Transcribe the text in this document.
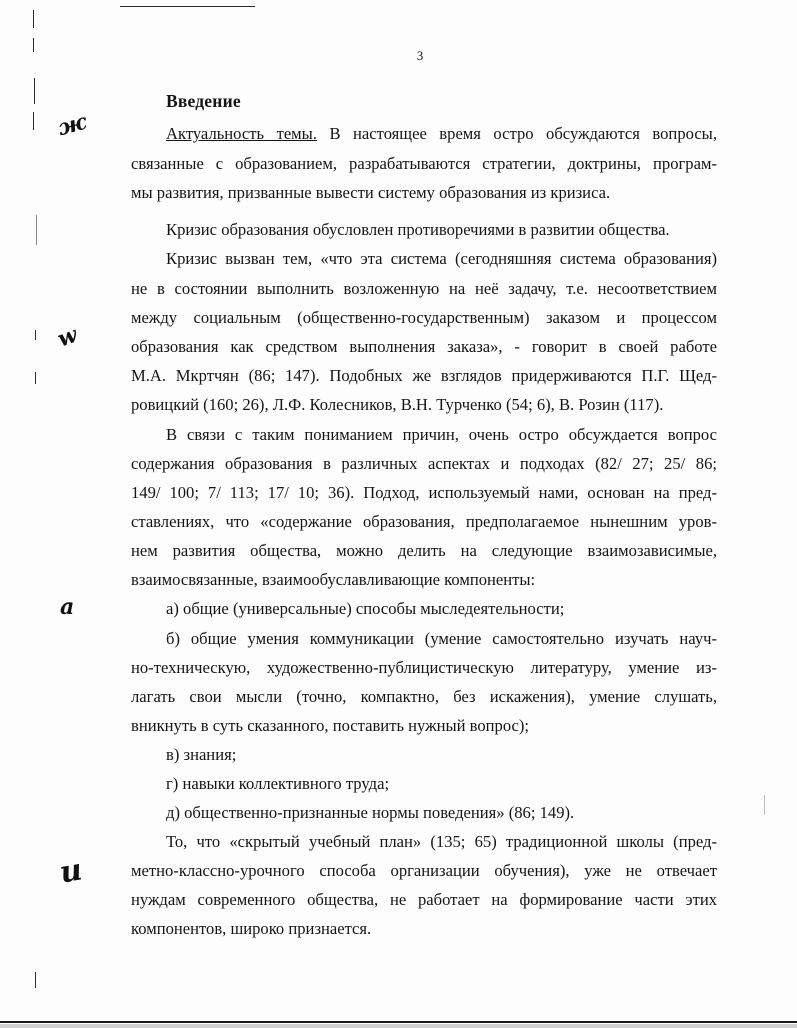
ж
w
а
и
3
Введение
Актуальность темы. В настоящее время остро обсуждаются вопросы,
связанные с образованием, разрабатываются стратегии, доктрины, програм-
мы развития, призванные вывести систему образования из кризиса.
Кризис образования обусловлен противоречиями в развитии общества.
Кризис вызван тем, «что эта система (сегодняшняя система образования)
не в состоянии выполнить возложенную на неё задачу, т.е. несоответствием
между социальным (общественно-государственным) заказом и процессом
образования как средством выполнения заказа», - говорит в своей работе
М.А. Мкртчян (86; 147). Подобных же взглядов придерживаются П.Г. Щед-
ровицкий (160; 26), Л.Ф. Колесников, В.Н. Турченко (54; 6), В. Розин (117).
В связи с таким пониманием причин, очень остро обсуждается вопрос
содержания образования в различных аспектах и подходах (82/ 27; 25/ 86;
149/ 100; 7/ 113; 17/ 10; 36). Подход, используемый нами, основан на пред-
ставлениях, что «содержание образования, предполагаемое нынешним уров-
нем развития общества, можно делить на следующие взаимозависимые,
взаимосвязанные, взаимообуславливающие компоненты:
а) общие (универсальные) способы мыследеятельности;
б) общие умения коммуникации (умение самостоятельно изучать науч-
но-техническую, художественно-публицистическую литературу, умение из-
лагать свои мысли (точно, компактно, без искажения), умение слушать,
вникнуть в суть сказанного, поставить нужный вопрос);
в) знания;
г) навыки коллективного труда;
д) общественно-признанные нормы поведения» (86; 149).
То, что «скрытый учебный план» (135; 65) традиционной школы (пред-
метно-классно-урочного способа организации обучения), уже не отвечает
нуждам современного общества, не работает на формирование части этих
компонентов, широко признается.
